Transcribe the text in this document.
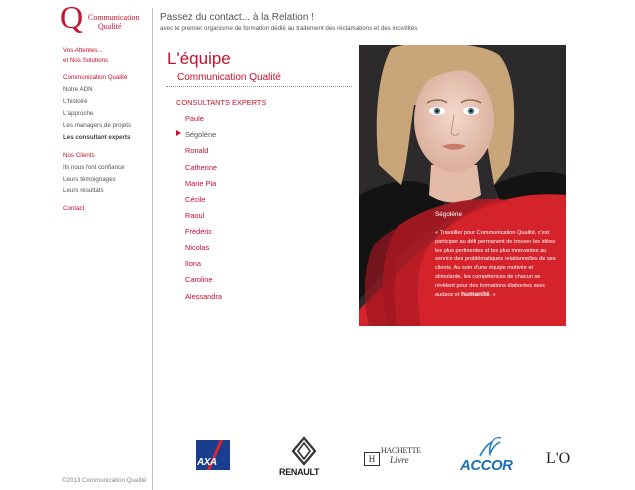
Q Communication
Qualité
Passez du contact... à la Relation !
avec le premier organisme de formation dédié au traitement des réclamations et des incivilités
Vos Attentes...
et Nos Solutions
Communication Qualité
Notre ADN
L'histoire
L'approche
Les managers de projets
Les consultant experts
Nos Clients
Ils nous font confiance
Leurs témoignages
Leurs résultats
Contact
L'équipe
Communication Qualité
CONSULTANTS EXPERTS
Paule
Ségolène
Ronald
Catherine
Marie Pia
Cécile
Raoul
Frédéric
Nicolas
Ilona
Caroline
Alessandra
Ségolène
« Travailler pour Communication Qualité, c'est
participer au défi permanent de trouver les idées
les plus pertinentes et les plus innovantes au
service des problématiques relationnelles de ses
clients. Au sein d'une équipe motivée et
stimulante, les compétences de chacun se
révèlent pour des formations élaborées avec
audace et humanité. »
AXA
RENAULT
H
HACHETTE
Livre	ACCOR L'O
©2013 Communication Qualité
